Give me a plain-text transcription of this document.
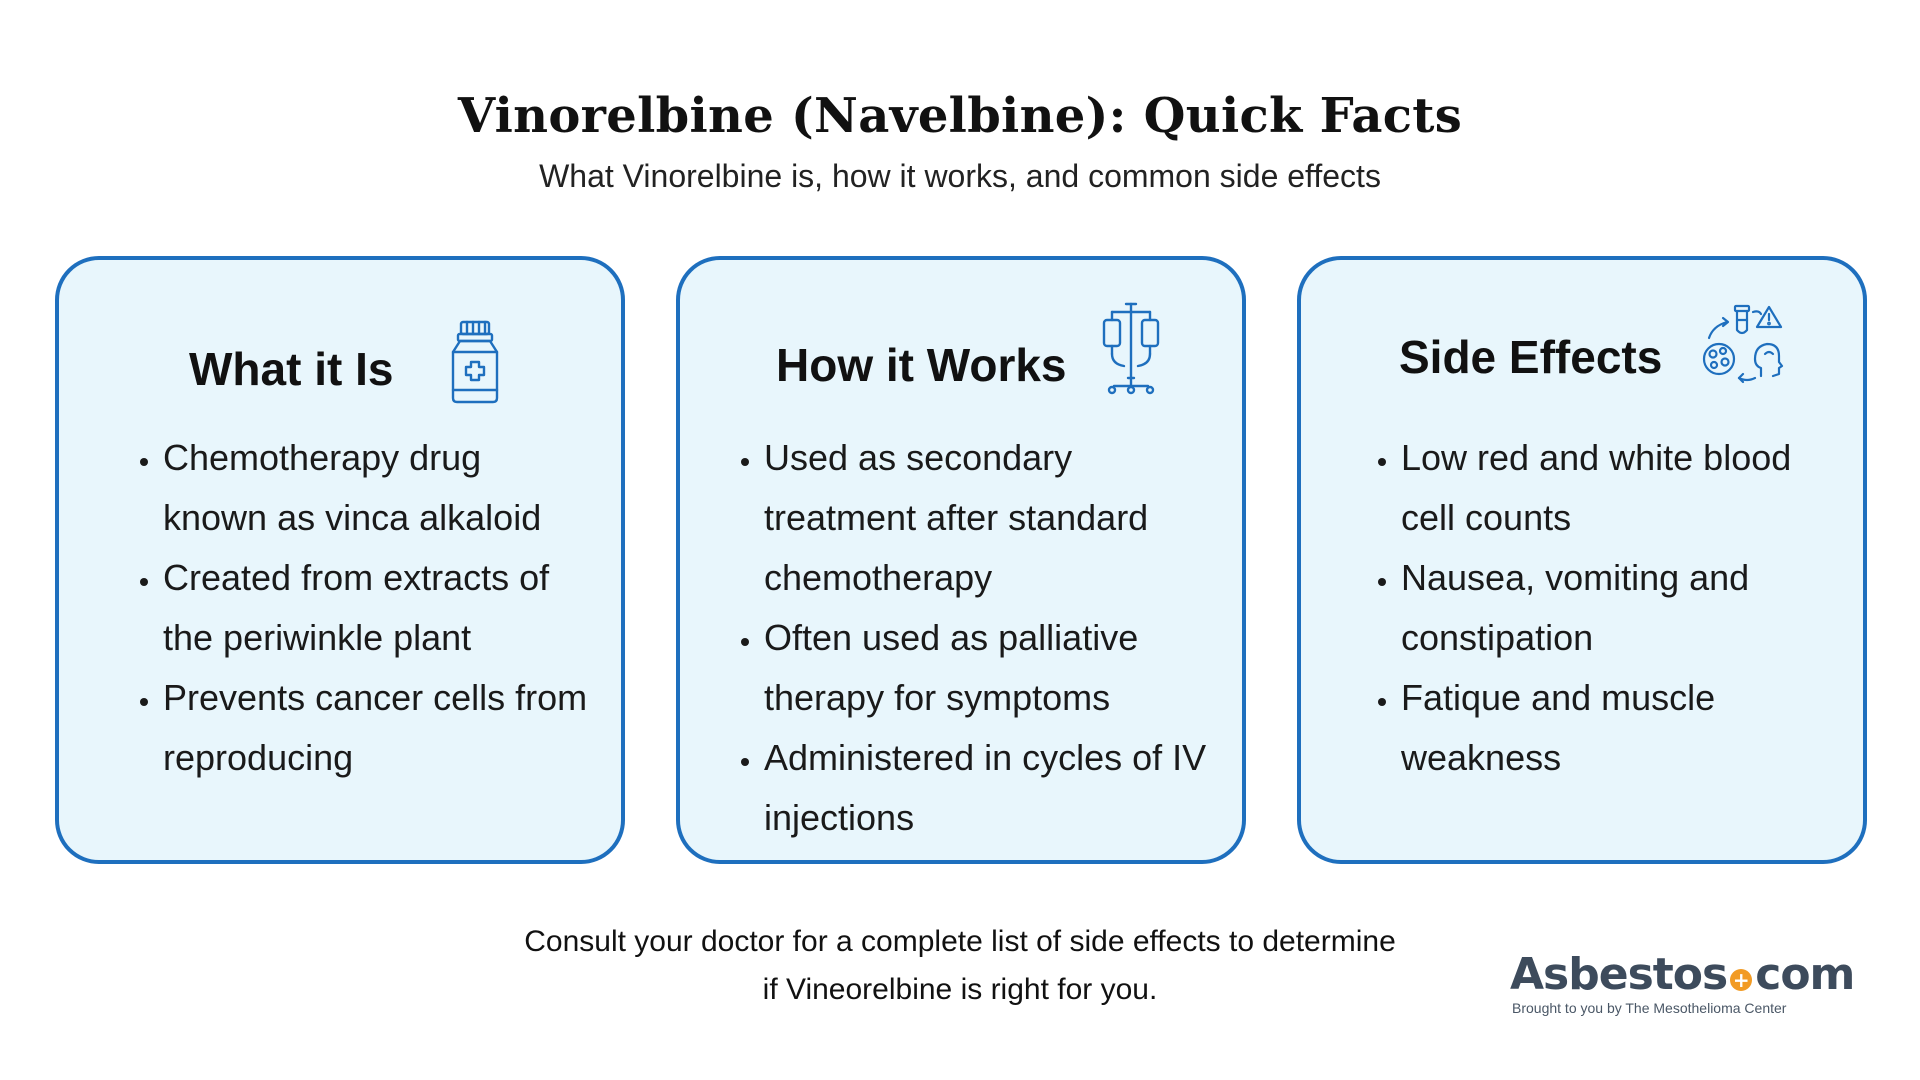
Vinorelbine (Navelbine): Quick Facts
What Vinorelbine is, how it works, and common side effects
What it Is
• Chemotherapy drug known as vinca alkaloid
• Created from extracts of the periwinkle plant
• Prevents cancer cells from reproducing
How it Works
• Used as secondary treatment after standard chemotherapy
• Often used as palliative therapy for symptoms
• Administered in cycles of IV injections
Side Effects
• Low red and white blood cell counts
• Nausea, vomiting and constipation
• Fatique and muscle weakness
Consult your doctor for a complete list of side effects to determine
if Vineorelbine is right for you.	Asbestos + com
Brought to you by The Mesothelioma Center
